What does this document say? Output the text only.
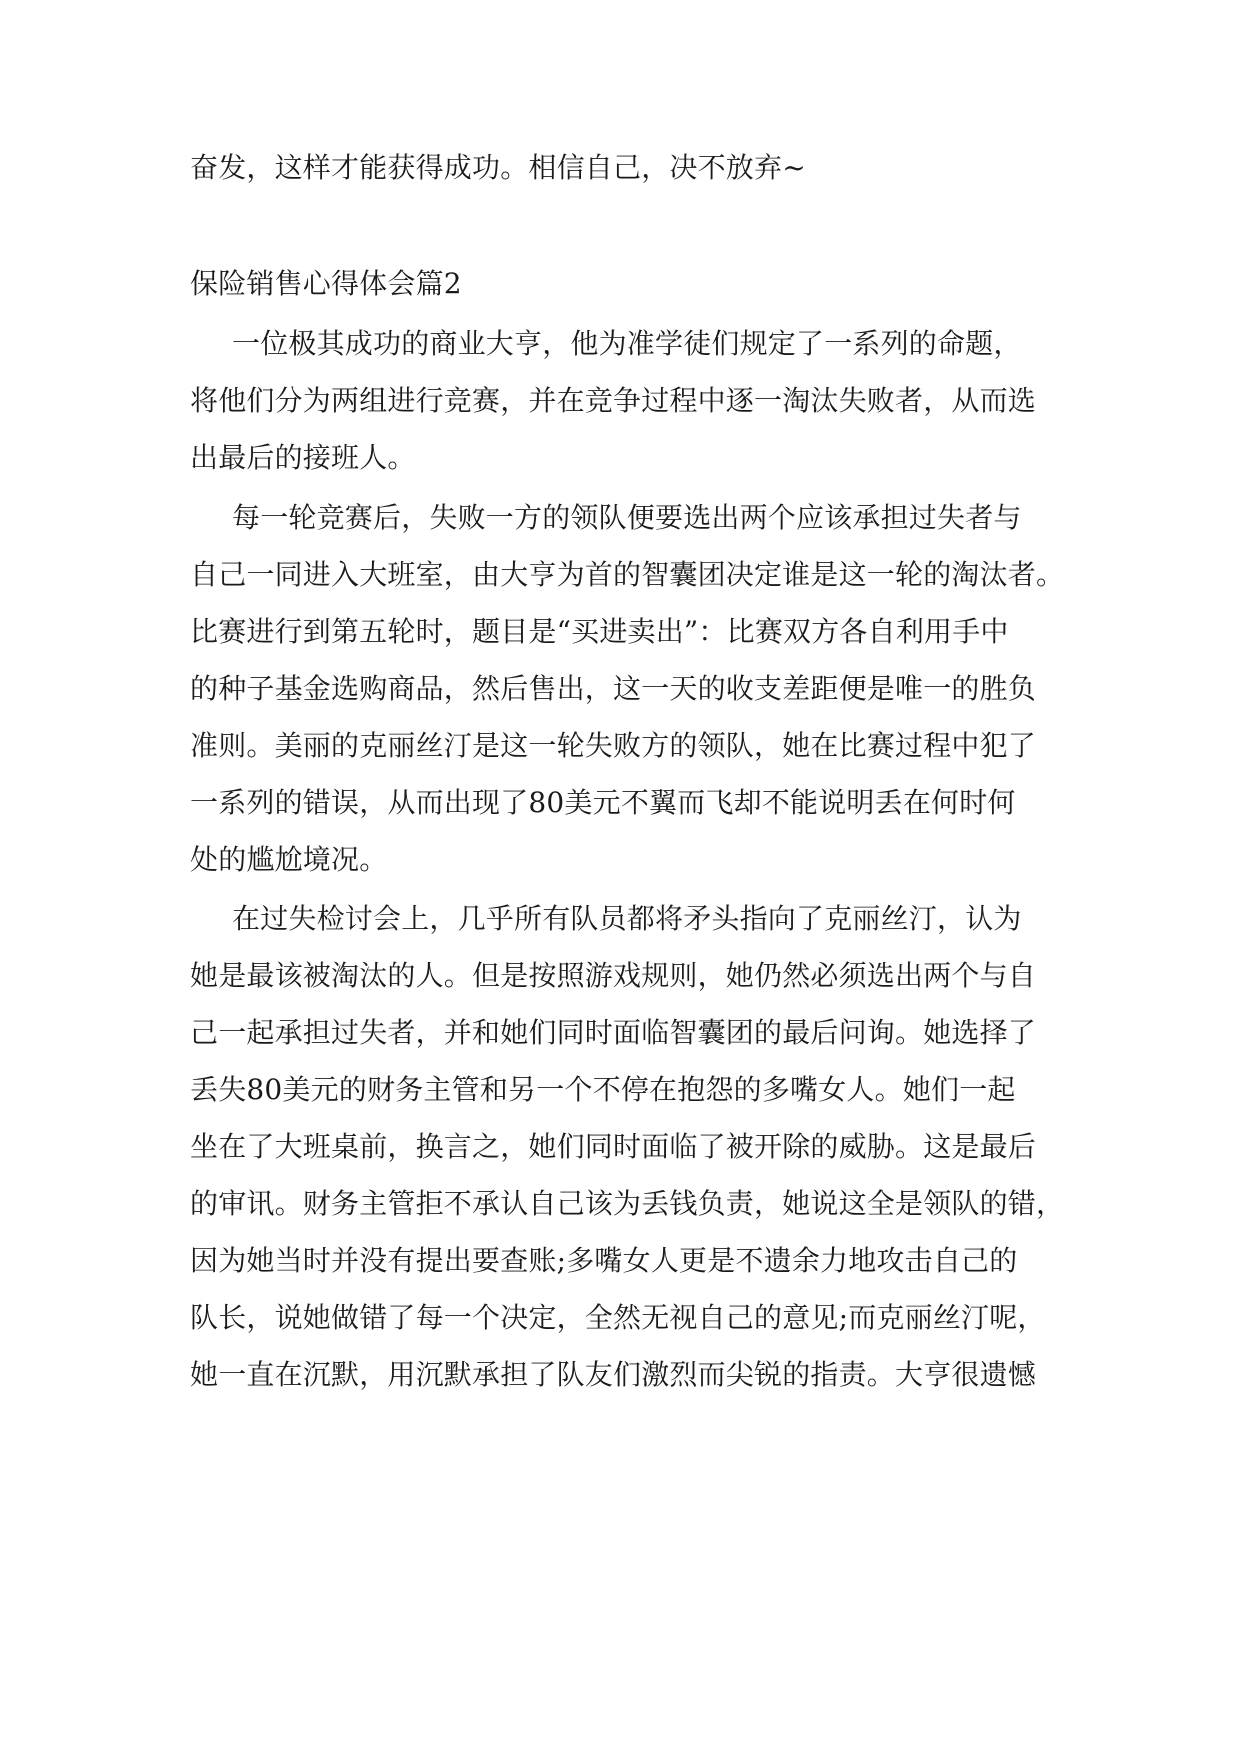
奋发，这样才能获得成功。相信自己，决不放弃~
保险销售心得体会篇2
一位极其成功的商业大亨，他为准学徒们规定了一系列的命题，
将他们分为两组进行竞赛，并在竞争过程中逐一淘汰失败者，从而选
出最后的接班人。
每一轮竞赛后，失败一方的领队便要选出两个应该承担过失者与
自己一同进入大班室，由大亨为首的智囊团决定谁是这一轮的淘汰者。
比赛进行到第五轮时，题目是“买进卖出”：比赛双方各自利用手中
的种子基金选购商品，然后售出，这一天的收支差距便是唯一的胜负
准则。美丽的克丽丝汀是这一轮失败方的领队，她在比赛过程中犯了
一系列的错误，从而出现了80美元不翼而飞却不能说明丢在何时何
处的尴尬境况。
在过失检讨会上，几乎所有队员都将矛头指向了克丽丝汀，认为
她是最该被淘汰的人。但是按照游戏规则，她仍然必须选出两个与自
己一起承担过失者，并和她们同时面临智囊团的最后问询。她选择了
丢失80美元的财务主管和另一个不停在抱怨的多嘴女人。她们一起
坐在了大班桌前，换言之，她们同时面临了被开除的威胁。这是最后
的审讯。财务主管拒不承认自己该为丢钱负责，她说这全是领队的错，
因为她当时并没有提出要查账;多嘴女人更是不遗余力地攻击自己的
队长，说她做错了每一个决定，全然无视自己的意见;而克丽丝汀呢，
她一直在沉默，用沉默承担了队友们激烈而尖锐的指责。大亨很遗憾
